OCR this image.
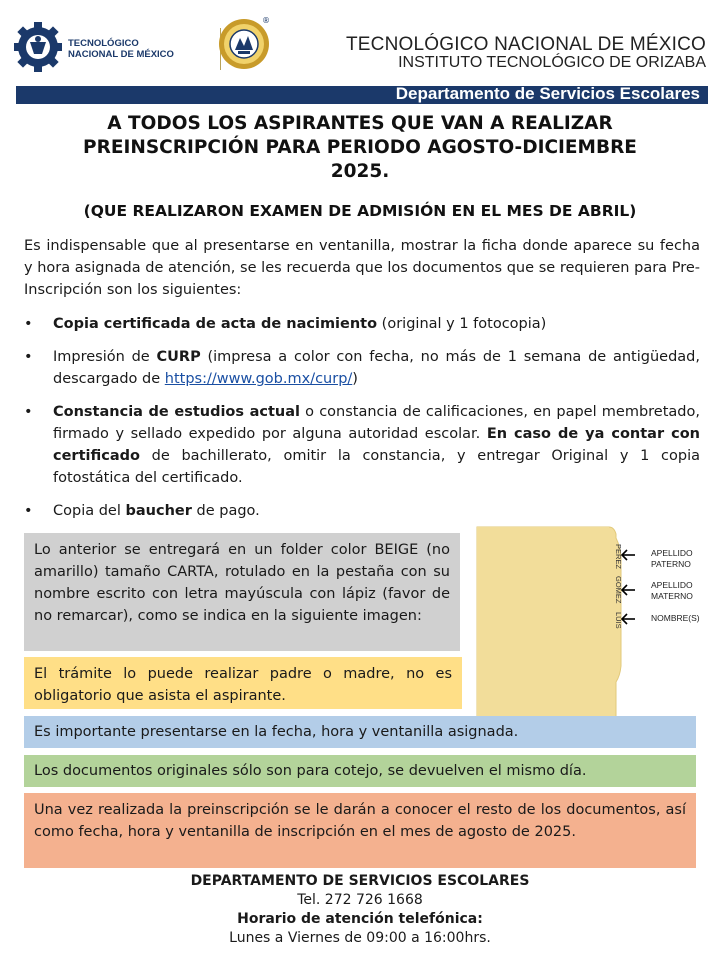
TECNOLÓGICO
NACIONAL DE MÉXICO
®
TECNOLÓGICO NACIONAL DE MÉXICO
INSTITUTO TECNOLÓGICO DE ORIZABA
Departamento de Servicios Escolares
A TODOS LOS ASPIRANTES QUE VAN A REALIZAR
PREINSCRIPCIÓN PARA PERIODO AGOSTO-DICIEMBRE
2025.
(QUE REALIZARON EXAMEN DE ADMISIÓN EN EL MES DE ABRIL)
Es indispensable que al presentarse en ventanilla, mostrar la ficha donde aparece su fecha y hora asignada de atención, se les recuerda que los documentos que se requieren para Pre-Inscripción son los siguientes:
• Copia certificada de acta de nacimiento (original y 1 fotocopia)
• Impresión de CURP (impresa a color con fecha, no más de 1 semana de antigüedad, descargado de https://www.gob.mx/curp/)
• Constancia de estudios actual o constancia de calificaciones, en papel membretado, firmado y sellado expedido por alguna autoridad escolar. En caso de ya contar con certificado de bachillerato, omitir la constancia, y entregar Original y 1 copia fotostática del certificado.
• Copia del baucher de pago.
Lo anterior se entregará en un folder color BEIGE (no amarillo) tamaño CARTA, rotulado en la pestaña con su nombre escrito con letra mayúscula con lápiz (favor de no remarcar), como se indica en la siguiente imagen:
El trámite lo puede realizar padre o madre, no es obligatorio que asista el aspirante.
PEREZ
GOMEZ
LUIS
APELLIDO
PATERNO
APELLIDO
MATERNO
NOMBRE(S)
Es importante presentarse en la fecha, hora y ventanilla asignada.
Los documentos originales sólo son para cotejo, se devuelven el mismo día.
Una vez realizada la preinscripción se le darán a conocer el resto de los documentos, así como fecha, hora y ventanilla de inscripción en el mes de agosto de 2025.
DEPARTAMENTO DE SERVICIOS ESCOLARES
Tel. 272 726 1668
Horario de atención telefónica:
Lunes a Viernes de 09:00 a 16:00hrs.
